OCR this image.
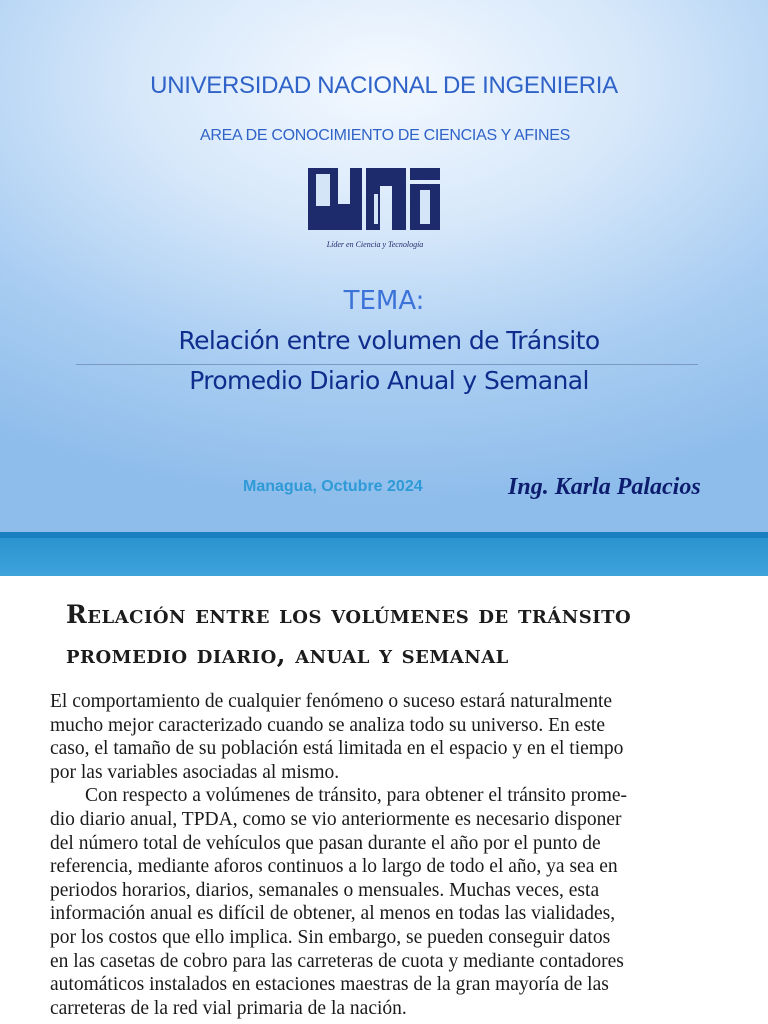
UNIVERSIDAD NACIONAL DE INGENIERIA
AREA DE CONOCIMIENTO DE CIENCIAS Y AFINES
Líder en Ciencia y Tecnología
TEMA:
Relación entre volumen de Tránsito
Promedio Diario Anual y Semanal
Managua, Octubre 2024	Ing. Karla Palacios
Relación entre los volúmenes de tránsito
promedio diario, anual y semanal
El comportamiento de cualquier fenómeno o suceso estará naturalmente
mucho mejor caracterizado cuando se analiza todo su universo. En este
caso, el tamaño de su población está limitada en el espacio y en el tiempo
por las variables asociadas al mismo.
Con respecto a volúmenes de tránsito, para obtener el tránsito prome-
dio diario anual, TPDA, como se vio anteriormente es necesario disponer
del número total de vehículos que pasan durante el año por el punto de
referencia, mediante aforos continuos a lo largo de todo el año, ya sea en
periodos horarios, diarios, semanales o mensuales. Muchas veces, esta
información anual es difícil de obtener, al menos en todas las vialidades,
por los costos que ello implica. Sin embargo, se pueden conseguir datos
en las casetas de cobro para las carreteras de cuota y mediante contadores
automáticos instalados en estaciones maestras de la gran mayoría de las
carreteras de la red vial primaria de la nación.
